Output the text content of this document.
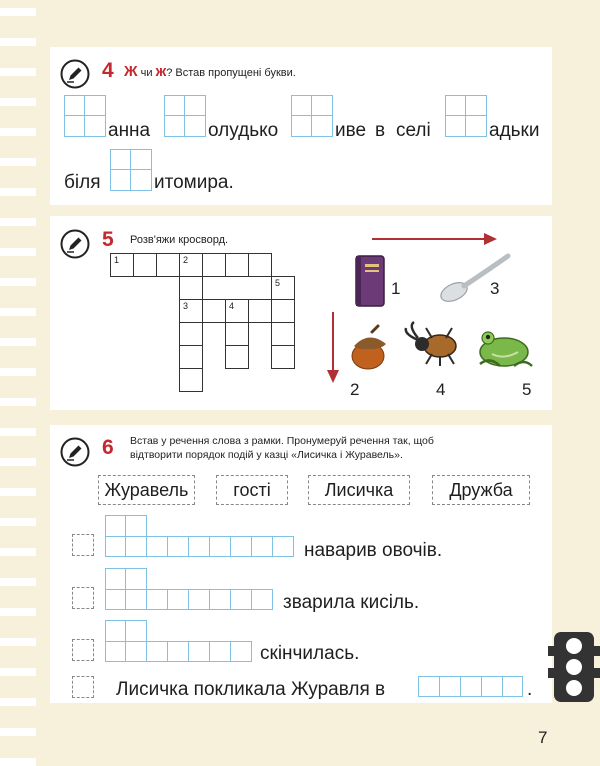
4 Ж чи ж? Встав пропущені букви.
анна	олудько	иве в селі	адьки
біля	итомира.
5 Розв'яжи кросворд.
1	2
3	4
5	1	3
2	4	5
6 Встав у речення слова з рамки. Пронумеруй речення так, щоб
відтворити порядок подій у казці «Лисичка і Журавель».
Журавель гості	Лисичка	Дружба
наварив овочів.
зварила кисіль.
скінчилась.
Лисичка покликала Журавля в	.
7
